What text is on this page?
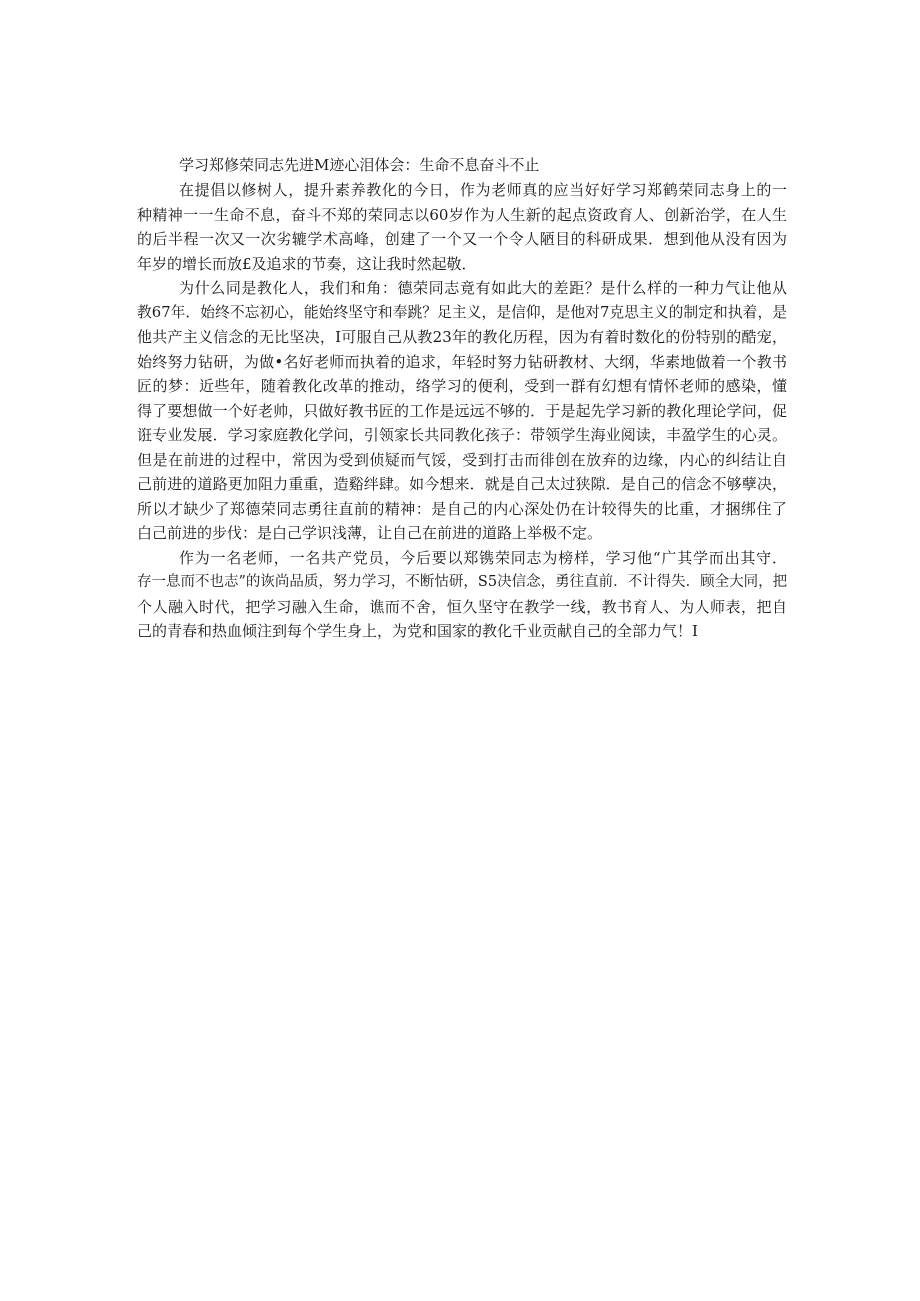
学习郑修荣同志先进M迹心泪体会：生命不息奋斗不止

在提倡以修树人，提升素养教化的今日，作为老师真的应当好好学习郑鹤荣同志身上的一
种精神一一生命不息，奋斗不郑的荣同志以60岁作为人生新的起点资政育人、创新治学，在人生
的后半程一次又一次劣辘学术高峰，创建了一个又一个令人陋目的科研成果．想到他从没有因为
年岁的增长而放£及追求的节奏，这让我时然起敬．

为什么同是教化人，我们和角：德荣同志竟有如此大的差距？是什么样的一种力气让他从
教67年．始终不忘初心，能始终坚守和奉跳？足主义，是信仰，是他对7克思主义的制定和执着，是
他共产主义信念的无比坚决，I可服自己从教23年的教化历程，因为有着时数化的份特别的酷宠，
始终努力钻研，为做•名好老师而执着的追求，年轻时努力钻研教材、大纲，华素地做着一个教书
匠的梦：近些年，随着教化改革的推动，络学习的便利，受到一群有幻想有情怀老师的感染，懂
得了要想做一个好老帅，只做好教书匠的工作是远远不够的．于是起先学习新的教化理论学问，促
诳专业发展．学习家庭教化学问，引领家长共同教化孩子：带领学生海业阅读，丰盈学生的心灵。
但是在前进的过程中，常因为受到侦疑而气馁，受到打击而徘创在放弃的边缘，内心的纠结让自
己前进的道路更加阻力重重，造谿绊肆。如今想来．就是自己太过狭隙．是自己的信念不够孽决，
所以才缺少了郑德荣同志勇往直前的精神：是自己的内心深处仍在计较得失的比重，才捆绑住了
白己前进的步伐：是白己学识浅薄，让自己在前进的道路上举极不定。

作为一名老师，一名共产党员，今后要以郑镌荣同志为榜样，学习他“广其学而出其守．
存一息而不也志”的诙尚品质，努力学习，不断怙研，S5决信念，勇往直前．不计得失．顾全大同，把
个人融入时代，把学习融入生命，谯而不舍，恒久坚守在教学一线，教书育人、为人师表，把自
己的青春和热血倾注到每个学生身上，为党和国家的教化千业贡献自己的全部力气！I
